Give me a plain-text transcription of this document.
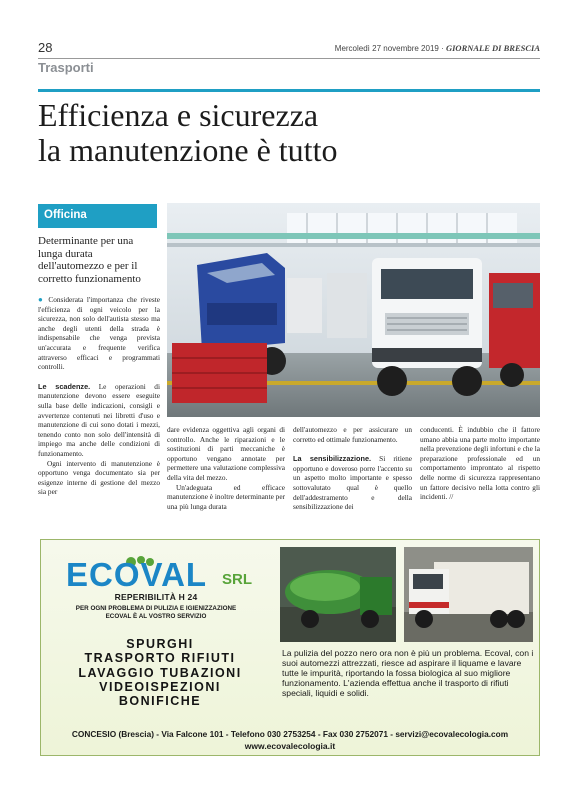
28	Mercoledì 27 novembre 2019 · GIORNALE DI BRESCIA
Trasporti
Efficienza e sicurezza
la manutenzione è tutto
Officina
Determinante per una lunga durata dell'automezzo e per il corretto funzionamento

● Considerata l'importanza che riveste l'efficienza di ogni veicolo per la sicurezza, non solo dell'autista stesso ma anche degli utenti della strada è indispensabile che venga prevista un'accurata e frequente verifica attraverso efficaci e programmati controlli.

Le scadenze. Le operazioni di manutenzione devono essere eseguite sulla base delle indicazioni, consigli e avvertenze contenuti nei libretti d'uso e manutenzione di cui sono dotati i mezzi, tenendo conto non solo dell'intensità di impiego ma anche delle condizioni di funzionamento.

Ogni intervento di manutenzione è opportuno venga documentato sia per esigenze interne di gestione del mezzo sia per

dare evidenza oggettiva agli organi di controllo. Anche le riparazioni e le sostituzioni di parti meccaniche è opportuno vengano annotate per permettere una valutazione complessiva della vita del mezzo.

Un'adeguata ed efficace manutenzione è inoltre determinante per una più lunga durata

dell'automezzo e per assicurare un corretto ed ottimale funzionamento.

La sensibilizzazione. Si ritiene opportuno e doveroso porre l'accento su un aspetto molto importante e spesso sottovalutato qual è quello dell'addestramento e della sensibilizzazione dei

conducenti. È indubbio che il fattore umano abbia una parte molto importante nella prevenzione degli infortuni e che la preparazione professionale ed un comportamento improntato al rispetto delle norme di sicurezza rappresentano un fattore decisivo nella lotta contro gli incidenti. //

ECOVAL SRL
REPERIBILITÀ H 24
PER OGNI PROBLEMA DI PULIZIA E IGIENIZZAZIONE
ECOVAL È AL VOSTRO SERVIZIO
SPURGHI
TRASPORTO RIFIUTI
LAVAGGIO TUBAZIONI
VIDEOISPEZIONI
BONIFICHE
La pulizia del pozzo nero ora non è più un problema. Ecoval, con i suoi automezzi attrezzati, riesce ad aspirare il liquame e lavare tutte le impurità, riportando la fossa biologica al suo migliore funzionamento. L'azienda effettua anche il trasporto di rifiuti speciali, liquidi e solidi.
CONCESIO (Brescia) - Via Falcone 101 - Telefono 030 2753254 - Fax 030 2752071 - servizi@ecovalecologia.com
www.ecovalecologia.it
